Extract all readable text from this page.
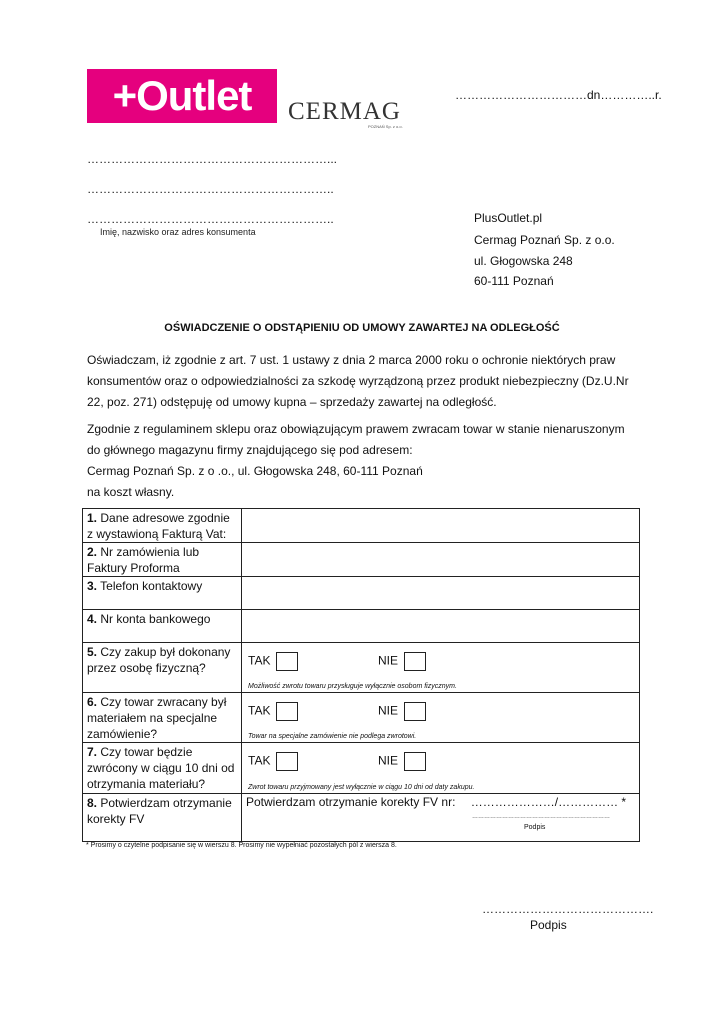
+Outlet	CERMAG
POZNAŃ Sp. z o.o.
……………………………dn…………..r.
……………………………………………………...
……………………………………………………..
……………………………………………………..
Imię, nazwisko oraz adres konsumenta
PlusOutlet.pl
Cermag Poznań Sp. z o.o.
ul. Głogowska 248
60-111 Poznań
OŚWIADCZENIE O ODSTĄPIENIU OD UMOWY ZAWARTEJ NA ODLEGŁOŚĆ
Oświadczam, iż zgodnie z art. 7 ust. 1 ustawy z dnia 2 marca 2000 roku o ochronie niektórych praw konsumentów oraz o odpowiedzialności za szkodę wyrządzoną przez produkt niebezpieczny (Dz.U.Nr 22, poz. 271) odstępuję od umowy kupna – sprzedaży zawartej na odległość.
Zgodnie z regulaminem sklepu oraz obowiązującym prawem zwracam towar w stanie nienaruszonym
do głównego magazynu firmy znajdującego się pod adresem:
Cermag Poznań Sp. z o .o., ul. Głogowska 248, 60-111 Poznań
na koszt własny.
1. Dane adresowe zgodnie z wystawioną Fakturą Vat:	
2. Nr zamówienia lub Faktury Proforma	
3. Telefon kontaktowy	
4. Nr konta bankowego	
5. Czy zakup był dokonany przez osobę fizyczną?	TAK NIE
Możliwość zwrotu towaru przysługuje wyłącznie osobom fizycznym.

6. Czy towar zwracany był materiałem na specjalne zamówienie?	TAK NIE
Towar na specjalne zamówienie nie podlega zwrotowi.

7. Czy towar będzie zwrócony w ciągu 10 dni od otrzymania materiału?	TAK NIE
Zwrot towaru przyjmowany jest wyłącznie w ciągu 10 dni od daty zakupu.

8. Potwierdzam otrzymanie korekty FV	Potwierdzam otrzymanie korekty FV nr: …………………/…………… *
……………………………………………………………
Podpis
* Prosimy o czytelne podpisanie się w wierszu 8. Prosimy nie wypełniać pozostałych pól z wiersza 8.
…………………………………….
Podpis
